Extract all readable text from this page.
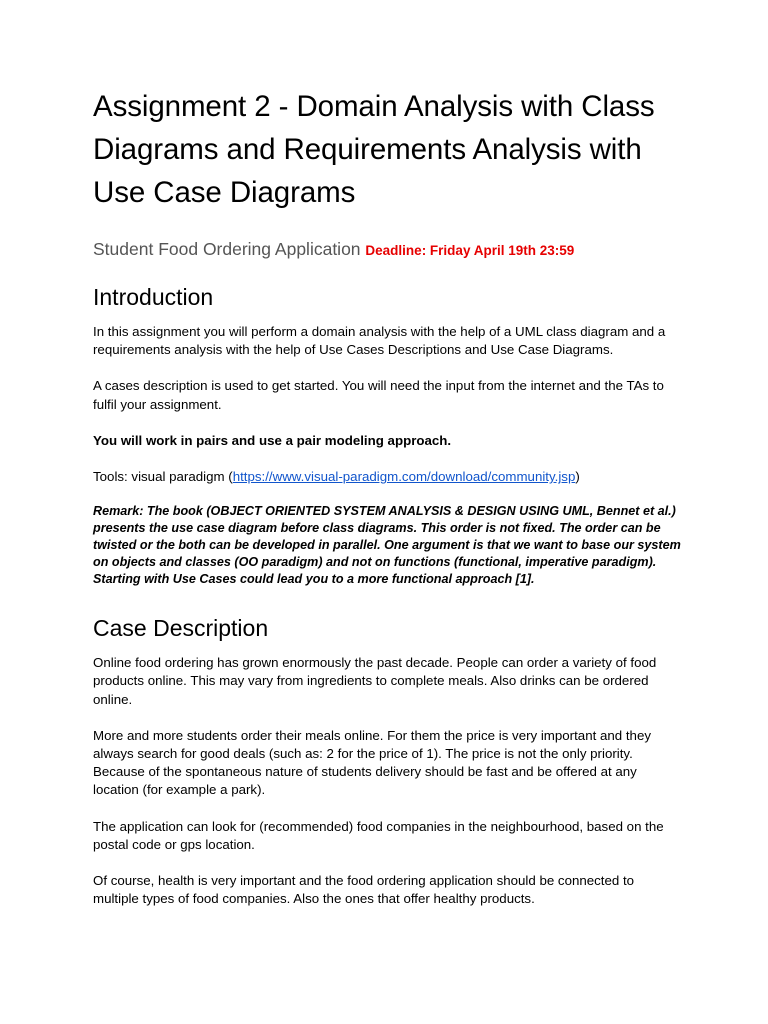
Assignment 2 - Domain Analysis with Class Diagrams and Requirements Analysis with Use Case Diagrams
Student Food Ordering Application Deadline: Friday April 19th 23:59
Introduction

In this assignment you will perform a domain analysis with the help of a UML class diagram and a requirements analysis with the help of Use Cases Descriptions and Use Case Diagrams.

A cases description is used to get started. You will need the input from the internet and the TAs to fulfil your assignment.

You will work in pairs and use a pair modeling approach.

Tools: visual paradigm (https://www.visual-paradigm.com/download/community.jsp)

Remark: The book (OBJECT ORIENTED SYSTEM ANALYSIS & DESIGN USING UML, Bennet et al.) presents the use case diagram before class diagrams. This order is not fixed. The order can be twisted or the both can be developed in parallel. One argument is that we want to base our system on objects and classes (OO paradigm) and not on functions (functional, imperative paradigm). Starting with Use Cases could lead you to a more functional approach [1].

Case Description

Online food ordering has grown enormously the past decade. People can order a variety of food products online. This may vary from ingredients to complete meals. Also drinks can be ordered online.

More and more students order their meals online. For them the price is very important and they always search for good deals (such as: 2 for the price of 1). The price is not the only priority. Because of the spontaneous nature of students delivery should be fast and be offered at any location (for example a park).

The application can look for (recommended) food companies in the neighbourhood, based on the postal code or gps location.

Of course, health is very important and the food ordering application should be connected to multiple types of food companies. Also the ones that offer healthy products.
